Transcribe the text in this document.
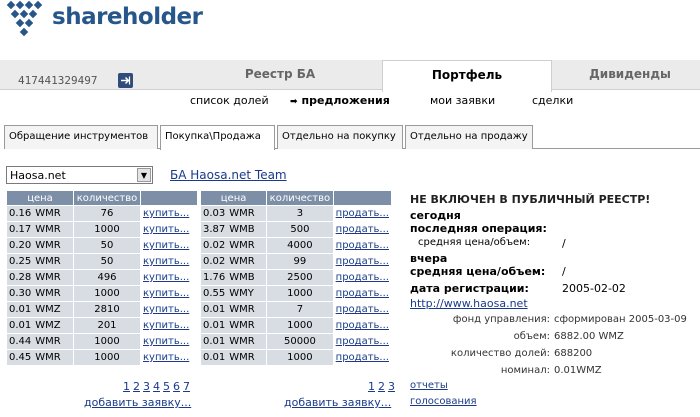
shareholder
417441329497	Реестр БА	Портфель	Дивиденды
список долей ➡ предложения	мои заявки	сделки
Обращение инструментов	Покупка\Продажа	Отдельно на покупку	Отдельно на продажу
Haosa.net	▼	БА Haosa.net Team
цена	количество	
0.16 WMR	76	купить...
0.17 WMR	1000	купить...
0.20 WMR	50	купить...
0.25 WMR	50	купить...
0.28 WMR	496	купить...
0.30 WMR	1000	купить...
0.01 WMZ	2810	купить...
0.01 WMZ	201	купить...
0.44 WMR	1000	купить...
0.45 WMR	1000	купить...
1 2 3 4 5 6 7
добавить заявку...
цена	количество	
0.03 WMR	3	продать...
3.87 WMB	500	продать...
0.02 WMR	4000	продать...
0.02 WMR	99	продать...
1.76 WMB	2500	продать...
0.55 WMY	1000	продать...
0.01 WMR	7	продать...
0.01 WMR	1000	продать...
0.01 WMR	50000	продать...
0.01 WMR	1000	продать...
1 2 3
добавить заявку...
НЕ ВКЛЮЧЕН В ПУБЛИЧНЫЙ РЕЕСТР!
сегодня
последняя операция:
средняя цена/объем:	/
вчера
средняя цена/объем: /
дата регистрации:	2005-02-02
http://www.haosa.net
фонд управления: сформирован 2005-03-09
объем: 6882.00 WMZ
количество долей: 688200
номинал: 0.01WMZ
отчеты
голосования
